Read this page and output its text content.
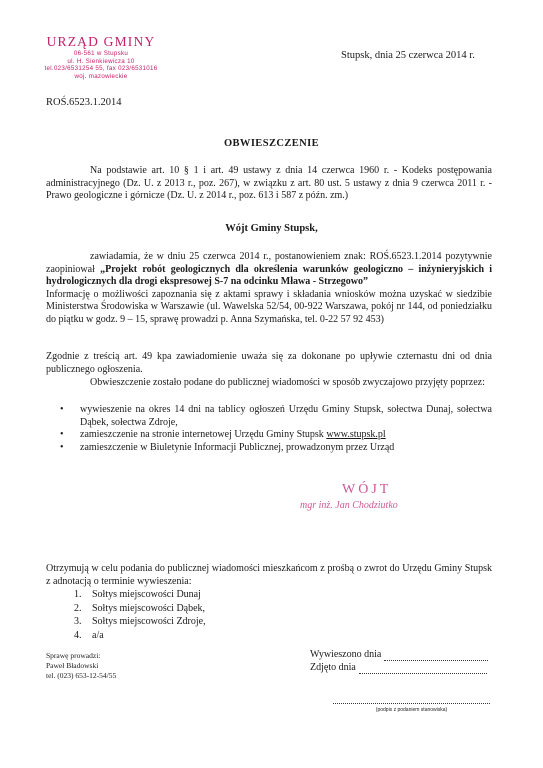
URZĄD GMINY
06-561 w Stupsku
ul. H. Sienkiewicza 10
tel.023/6531254 55, fax 023/6531016
woj. mazowieckie
Stupsk, dnia 25 czerwca 2014 r.
ROŚ.6523.1.2014
OBWIESZCZENIE
Na podstawie art. 10 § 1 i art. 49 ustawy z dnia 14 czerwca 1960 r. - Kodeks postępowania administracyjnego (Dz. U. z 2013 r., poz. 267), w związku z art. 80 ust. 5 ustawy z dnia 9 czerwca 2011 r. - Prawo geologiczne i górnicze (Dz. U. z 2014 r., poz. 613 i 587 z późn. zm.)
Wójt Gminy Stupsk,
zawiadamia, że w dniu 25 czerwca 2014 r., postanowieniem znak: ROŚ.6523.1.2014 pozytywnie zaopiniował „Projekt robót geologicznych dla określenia warunków geologiczno – inżynieryjskich i hydrologicznych dla drogi ekspresowej S-7 na odcinku Mława - Strzegowo”
Informację o możliwości zapoznania się z aktami sprawy i składania wniosków można uzyskać w siedzibie Ministerstwa Środowiska w Warszawie (ul. Wawelska 52/54, 00-922 Warszawa, pokój nr 144, od poniedziałku do piątku w godz. 9 – 15, sprawę prowadzi p. Anna Szymańska, tel. 0-22 57 92 453)
Zgodnie z treścią art. 49 kpa zawiadomienie uważa się za dokonane po upływie czternastu dni od dnia publicznego ogłoszenia.
Obwieszczenie zostało podane do publicznej wiadomości w sposób zwyczajowo przyjęty poprzez:
• wywieszenie na okres 14 dni na tablicy ogłoszeń Urzędu Gminy Stupsk, sołectwa Dunaj, sołectwa Dąbek, sołectwa Zdroje,
• zamieszczenie na stronie internetowej Urzędu Gminy Stupsk www.stupsk.pl
• zamieszczenie w Biuletynie Informacji Publicznej, prowadzonym przez Urząd
WÓJT
mgr inż. Jan Chodziutko
Otrzymują w celu podania do publicznej wiadomości mieszkańcom z prośbą o zwrot do Urzędu Gminy Stupsk z adnotacją o terminie wywieszenia:
1. Sołtys miejscowości Dunaj
2. Sołtys miejscowości Dąbek,
3. Sołtys miejscowości Zdroje,
4. a/a
Sprawę prowadzi:
Paweł Bładowski
tel. (023) 653-12-54/55
Wywieszono dnia
Zdjęto dnia
(podpis z podaniem stanowiska)
